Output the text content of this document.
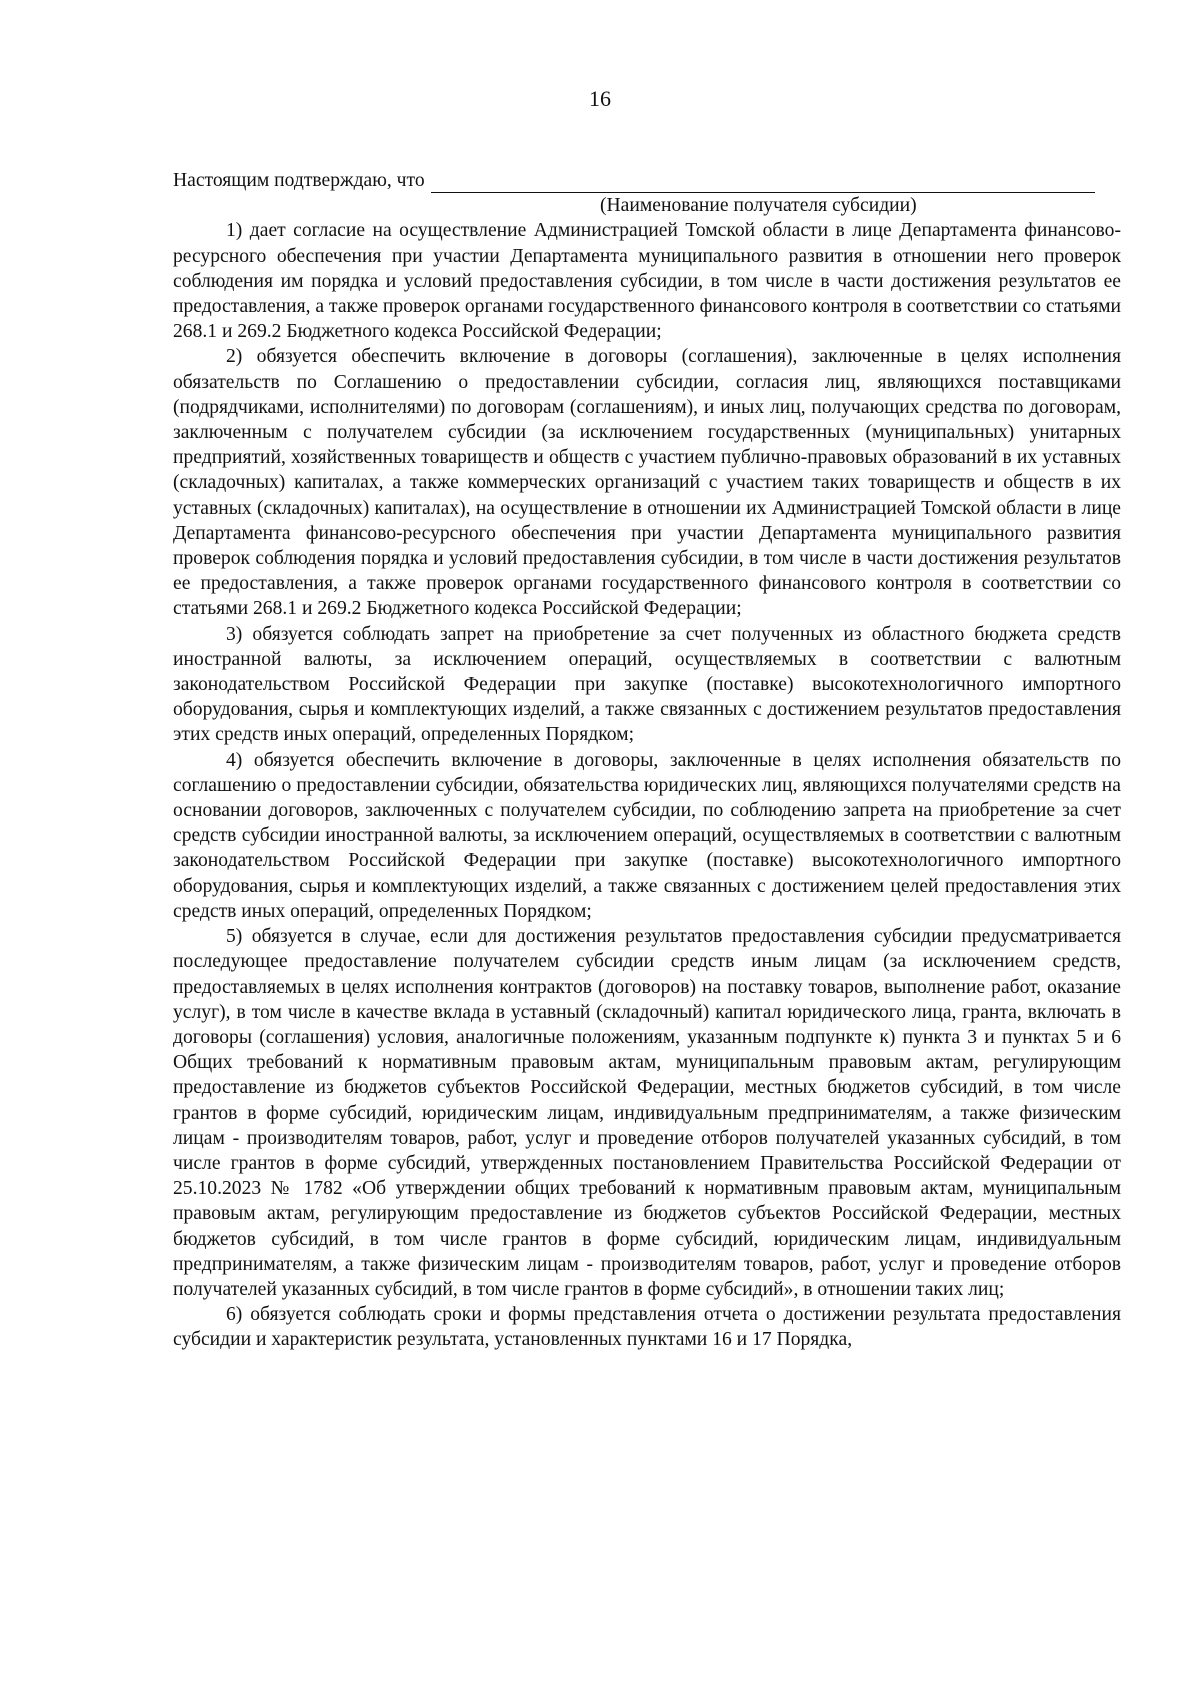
16
Настоящим подтверждаю, что
(Наименование получателя субсидии)

1) дает согласие на осуществление Администрацией Томской области в лице Департамента финансово-ресурсного обеспечения при участии Департамента муниципального развития в отношении него проверок соблюдения им порядка и условий предоставления субсидии, в том числе в части достижения результатов ее предоставления, а также проверок органами государственного финансового контроля в соответствии со статьями 268.1 и 269.2 Бюджетного кодекса Российской Федерации;

2) обязуется обеспечить включение в договоры (соглашения), заключенные в целях исполнения обязательств по Соглашению о предоставлении субсидии, согласия лиц, являющихся поставщиками (подрядчиками, исполнителями) по договорам (соглашениям), и иных лиц, получающих средства по договорам, заключенным с получателем субсидии (за исключением государственных (муниципальных) унитарных предприятий, хозяйственных товариществ и обществ с участием публично-правовых образований в их уставных (складочных) капиталах, а также коммерческих организаций с участием таких товариществ и обществ в их уставных (складочных) капиталах), на осуществление в отношении их Администрацией Томской области в лице Департамента финансово-ресурсного обеспечения при участии Департамента муниципального развития проверок соблюдения порядка и условий предоставления субсидии, в том числе в части достижения результатов ее предоставления, а также проверок органами государственного финансового контроля в соответствии со статьями 268.1 и 269.2 Бюджетного кодекса Российской Федерации;

3) обязуется соблюдать запрет на приобретение за счет полученных из областного бюджета средств иностранной валюты, за исключением операций, осуществляемых в соответствии с валютным законодательством Российской Федерации при закупке (поставке) высокотехнологичного импортного оборудования, сырья и комплектующих изделий, а также связанных с достижением результатов предоставления этих средств иных операций, определенных Порядком;

4) обязуется обеспечить включение в договоры, заключенные в целях исполнения обязательств по соглашению о предоставлении субсидии, обязательства юридических лиц, являющихся получателями средств на основании договоров, заключенных с получателем субсидии, по соблюдению запрета на приобретение за счет средств субсидии иностранной валюты, за исключением операций, осуществляемых в соответствии с валютным законодательством Российской Федерации при закупке (поставке) высокотехнологичного импортного оборудования, сырья и комплектующих изделий, а также связанных с достижением целей предоставления этих средств иных операций, определенных Порядком;

5) обязуется в случае, если для достижения результатов предоставления субсидии предусматривается последующее предоставление получателем субсидии средств иным лицам (за исключением средств, предоставляемых в целях исполнения контрактов (договоров) на поставку товаров, выполнение работ, оказание услуг), в том числе в качестве вклада в уставный (складочный) капитал юридического лица, гранта, включать в договоры (соглашения) условия, аналогичные положениям, указанным подпункте к) пункта 3 и пунктах 5 и 6 Общих требований к нормативным правовым актам, муниципальным правовым актам, регулирующим предоставление из бюджетов субъектов Российской Федерации, местных бюджетов субсидий, в том числе грантов в форме субсидий, юридическим лицам, индивидуальным предпринимателям, а также физическим лицам - производителям товаров, работ, услуг и проведение отборов получателей указанных субсидий, в том числе грантов в форме субсидий, утвержденных постановлением Правительства Российской Федерации от 25.10.2023 № 1782 «Об утверждении общих требований к нормативным правовым актам, муниципальным правовым актам, регулирующим предоставление из бюджетов субъектов Российской Федерации, местных бюджетов субсидий, в том числе грантов в форме субсидий, юридическим лицам, индивидуальным предпринимателям, а также физическим лицам - производителям товаров, работ, услуг и проведение отборов получателей указанных субсидий, в том числе грантов в форме субсидий», в отношении таких лиц;

6) обязуется соблюдать сроки и формы представления отчета о достижении результата предоставления субсидии и характеристик результата, установленных пунктами 16 и 17 Порядка,
